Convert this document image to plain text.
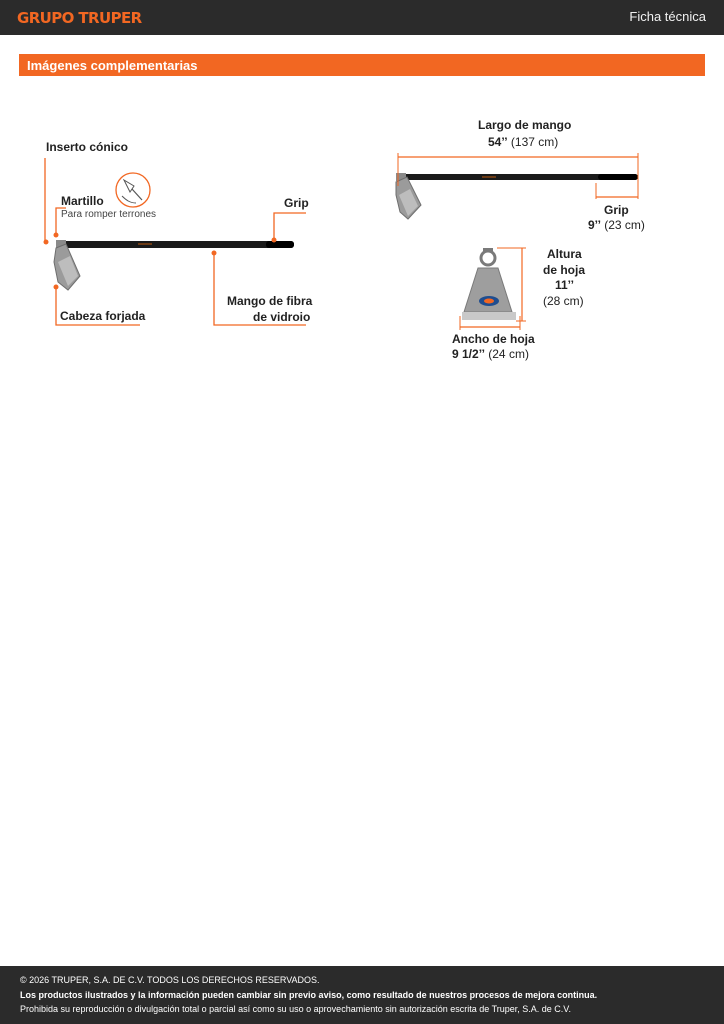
GRUPO TRUPER	Ficha técnica
Imágenes complementarias
Inserto cónico
Martillo
Para romper terrones
Grip
Cabeza forjada
Mango de fibra
de vidroio
Largo de mango
54’’ (137 cm)
Grip
9’’ (23 cm)
Altura
de hoja
11’’
(28 cm)
Ancho de hoja
9 1/2’’ (24 cm)
© 2026 TRUPER, S.A. DE C.V. TODOS LOS DERECHOS RESERVADOS.
Los productos ilustrados y la información pueden cambiar sin previo aviso, como resultado de nuestros procesos de mejora continua.
Prohibida su reproducción o divulgación total o parcial así como su uso o aprovechamiento sin autorización escrita de Truper, S.A. de C.V.
